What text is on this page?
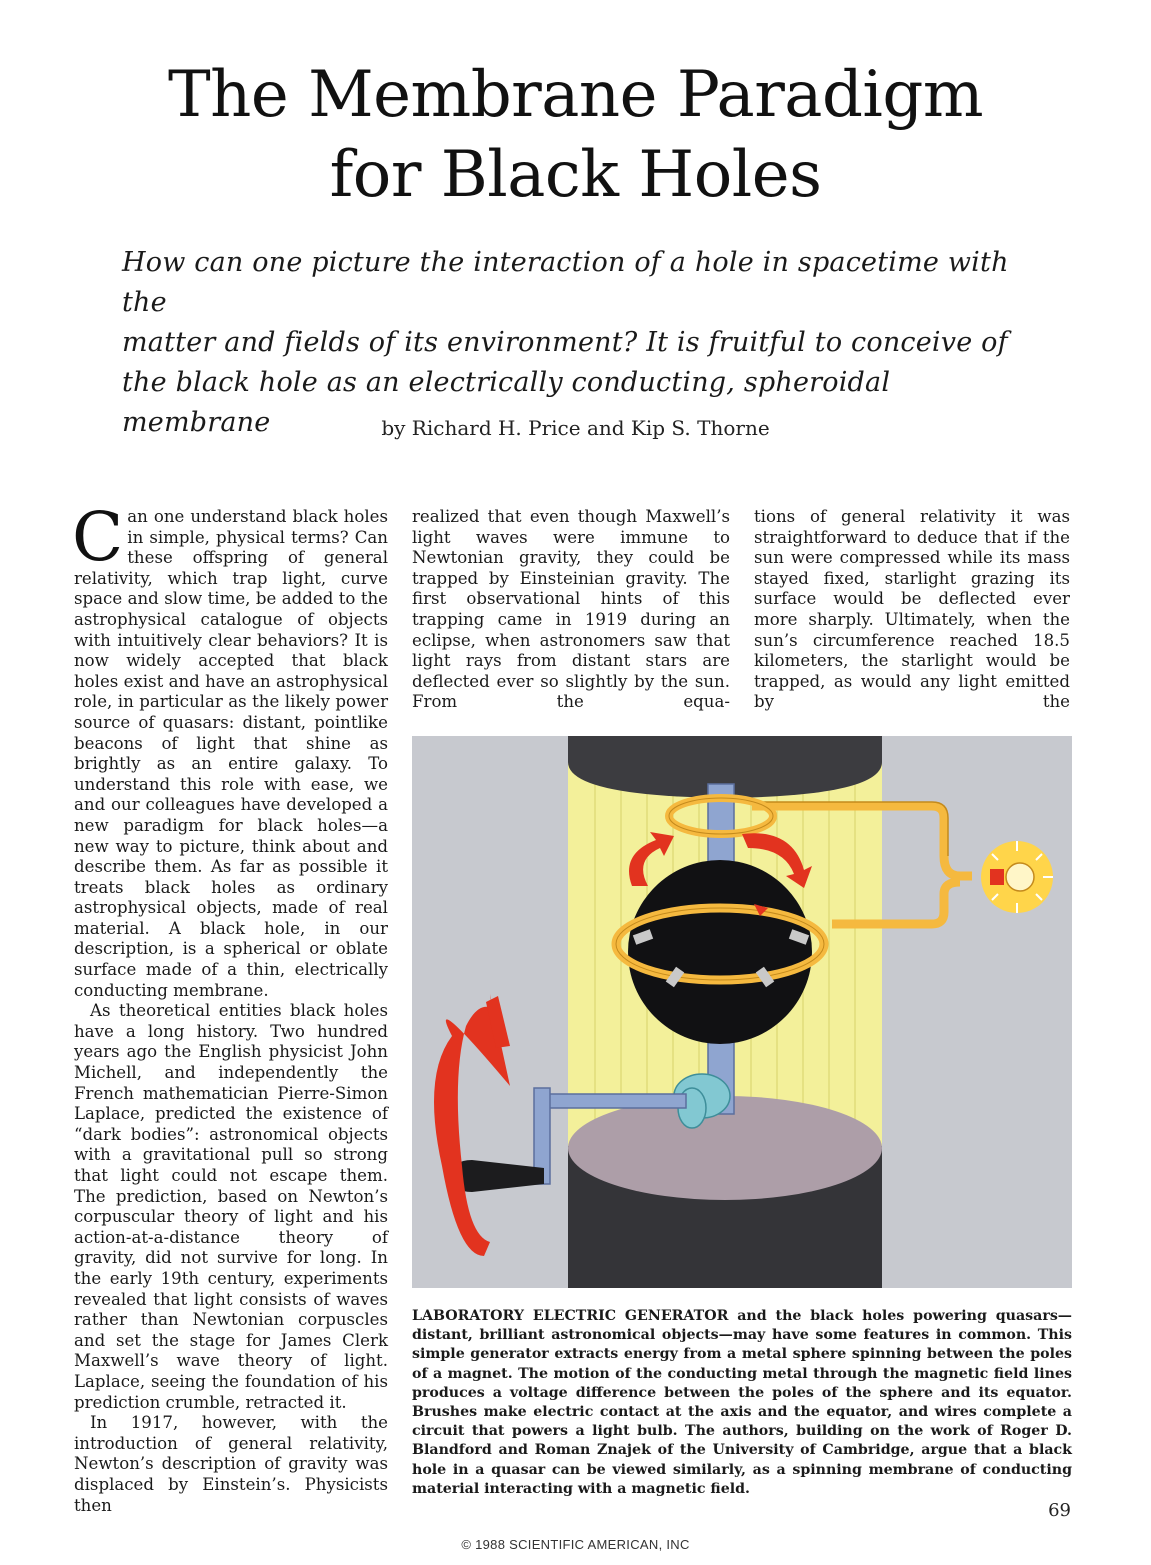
The Membrane Paradigm
for Black Holes
How can one picture the interaction of a hole in spacetime with the
matter and fields of its environment? It is fruitful to conceive of
the black hole as an electrically conducting, spheroidal membrane	by Richard H. Price and Kip S. Thorne

Can one understand black holes in simple, physical terms? Can these offspring of general relativity, which trap light, curve space and slow time, be added to the astrophysical catalogue of objects with intuitively clear behaviors? It is now widely accepted that black holes exist and have an astrophysical role, in particular as the likely power source of quasars: distant, pointlike beacons of light that shine as brightly as an entire galaxy. To understand this role with ease, we and our colleagues have developed a new paradigm for black holes—a new way to picture, think about and describe them. As far as possible it treats black holes as ordinary astrophysical objects, made of real material. A black hole, in our description, is a spherical or oblate surface made of a thin, electrically conducting membrane.

As theoretical entities black holes have a long history. Two hundred years ago the English physicist John Michell, and independently the French mathematician Pierre-Simon Laplace, predicted the existence of “dark bodies”: astronomical objects with a gravitational pull so strong that light could not escape them. The prediction, based on Newton’s corpuscular theory of light and his action-at-a-distance theory of gravity, did not survive for long. In the early 19th century, experiments revealed that light consists of waves rather than Newtonian corpuscles and set the stage for James Clerk Maxwell’s wave theory of light. Laplace, seeing the foundation of his prediction crumble, retracted it.

In 1917, however, with the introduction of general relativity, Newton’s description of gravity was displaced by Einstein’s. Physicists then

realized that even though Maxwell’s light waves were immune to Newtonian gravity, they could be trapped by Einsteinian gravity. The first observational hints of this trapping came in 1919 during an eclipse, when astronomers saw that light rays from distant stars are deflected ever so slightly by the sun. From the equa-

tions of general relativity it was straightforward to deduce that if the sun were compressed while its mass stayed fixed, starlight grazing its surface would be deflected ever more sharply. Ultimately, when the sun’s circumference reached 18.5 kilometers, the starlight would be trapped, as would any light emitted by the

LABORATORY ELECTRIC GENERATOR and the black holes powering quasars—distant, brilliant astronomical objects—may have some features in common. This simple generator extracts energy from a metal sphere spinning between the poles of a magnet. The motion of the conducting metal through the magnetic field lines produces a voltage difference between the poles of the sphere and its equator. Brushes make electric contact at the axis and the equator, and wires complete a circuit that powers a light bulb. The authors, building on the work of Roger D. Blandford and Roman Znajek of the University of Cambridge, argue that a black hole in a quasar can be viewed similarly, as a spinning membrane of conducting material interacting with a magnetic field.

69
© 1988 SCIENTIFIC AMERICAN, INC
